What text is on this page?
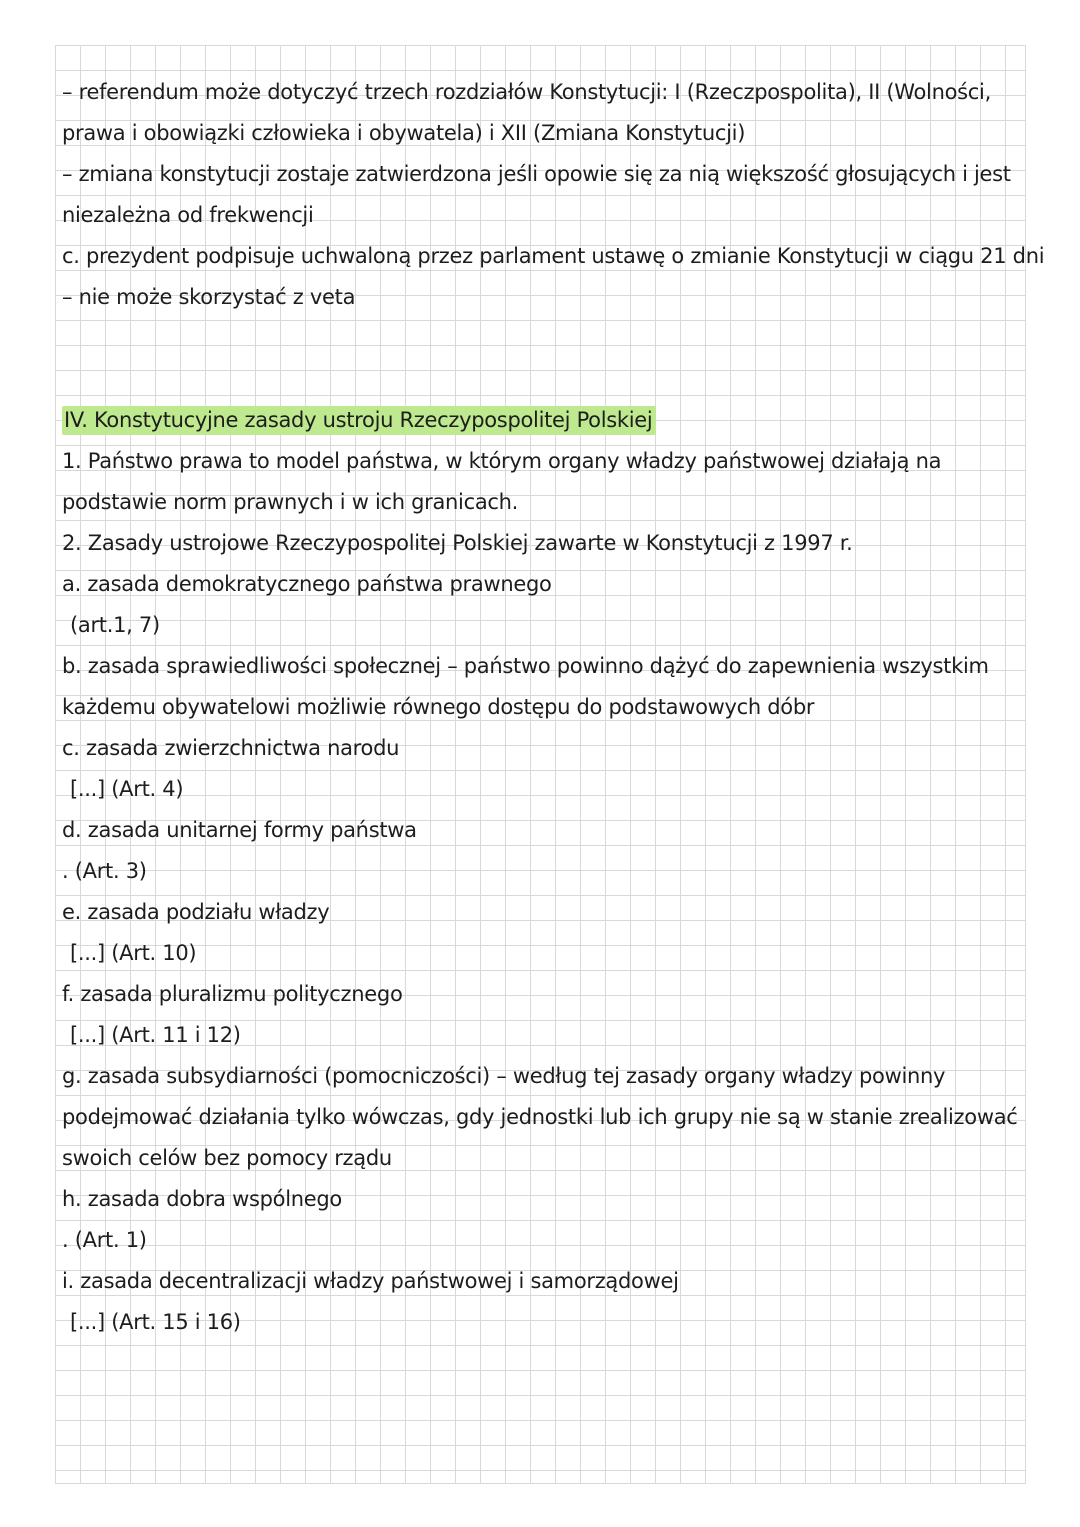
– referendum może dotyczyć trzech rozdziałów Konstytucji: I (Rzeczpospolita), II (Wolności,
prawa i obowiązki człowieka i obywatela) i XII (Zmiana Konstytucji)
– zmiana konstytucji zostaje zatwierdzona jeśli opowie się za nią większość głosujących i jest
niezależna od frekwencji
c. prezydent podpisuje uchwaloną przez parlament ustawę o zmianie Konstytucji w ciągu 21 dni
– nie może skorzystać z veta
IV. Konstytucyjne zasady ustroju Rzeczypospolitej Polskiej
1. Państwo prawa to model państwa, w którym organy władzy państwowej działają na
podstawie norm prawnych i w ich granicach.
2. Zasady ustrojowe Rzeczypospolitej Polskiej zawarte w Konstytucji z 1997 r.
a. zasada demokratycznego państwa prawnego
(art.1, 7)
b. zasada sprawiedliwości społecznej – państwo powinno dążyć do zapewnienia wszystkim
każdemu obywatelowi możliwie równego dostępu do podstawowych dóbr
c. zasada zwierzchnictwa narodu
[...] (Art. 4)
d. zasada unitarnej formy państwa
. (Art. 3)
e. zasada podziału władzy
[...] (Art. 10)
f. zasada pluralizmu politycznego
[...] (Art. 11 i 12)
g. zasada subsydiarności (pomocniczości) – według tej zasady organy władzy powinny
podejmować działania tylko wówczas, gdy jednostki lub ich grupy nie są w stanie zrealizować
swoich celów bez pomocy rządu
h. zasada dobra wspólnego
. (Art. 1)
i. zasada decentralizacji władzy państwowej i samorządowej
[...] (Art. 15 i 16)
